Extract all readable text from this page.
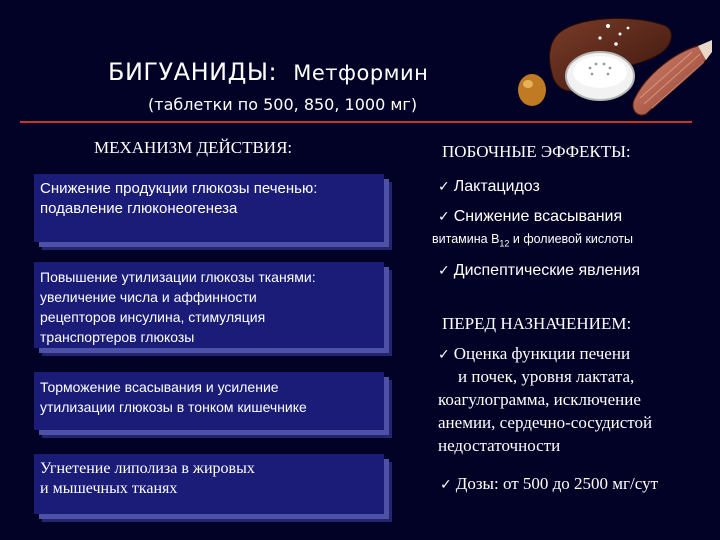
БИГУАНИДЫ: Метформин
(таблетки по 500, 850, 1000 мг)
МЕХАНИЗМ ДЕЙСТВИЯ:
Снижение продукции глюкозы печенью:
подавление глюконеогенеза
Повышение утилизации глюкозы тканями:
увеличение числа и аффинности
рецепторов инсулина, стимуляция
транспортеров глюкозы
Торможение всасывания и усиление
утилизации глюкозы в тонком кишечнике
Угнетение липолиза в жировых
и мышечных тканях
ПОБОЧНЫЕ ЭФФЕКТЫ:
✓ Лактацидоз
✓ Снижение всасывания
витамина $В_{12}$ и фолиевой кислоты
✓ Диспептические явления
ПЕРЕД НАЗНАЧЕНИЕМ:
✓ Оценка функции печени
и почек, уровня лактата,
коагулограмма, исключение
анемии, сердечно-сосудистой
недостаточности
✓ Дозы: от 500 до 2500 мг/сут
